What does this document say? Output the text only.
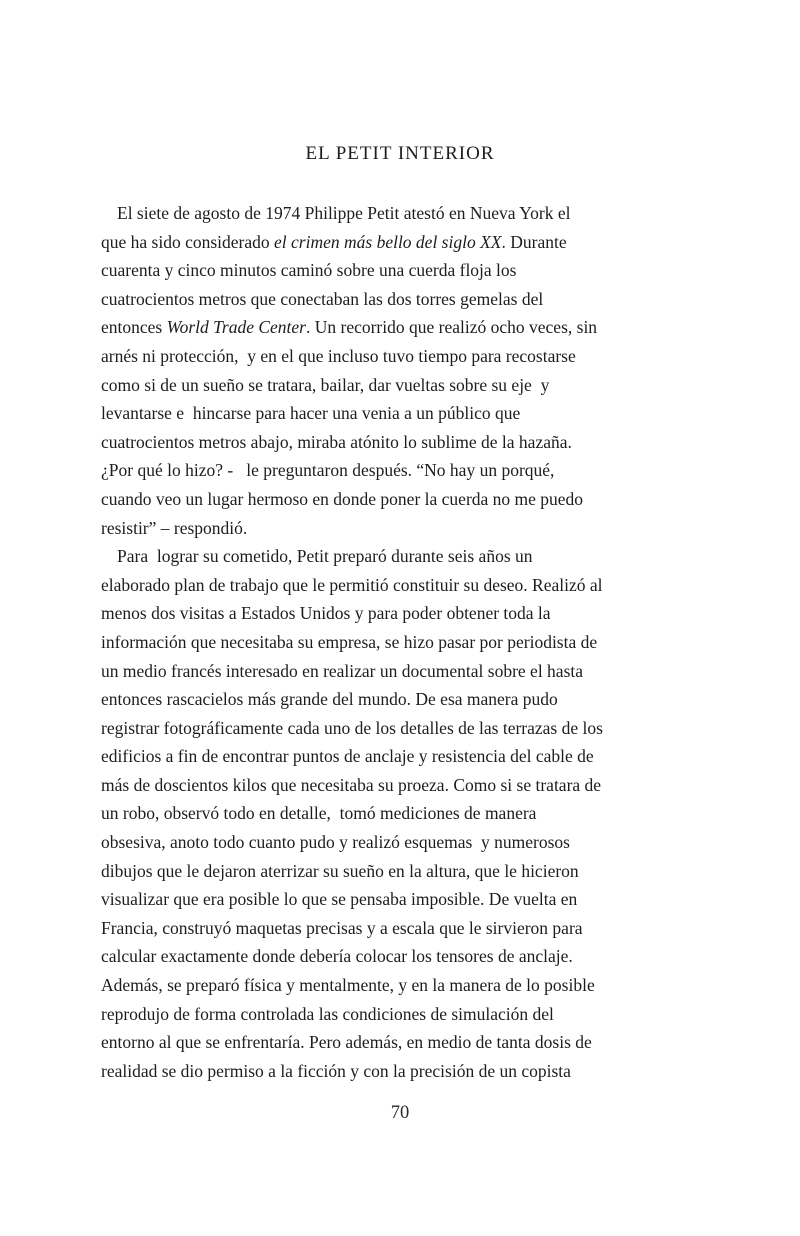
EL PETIT INTERIOR
El siete de agosto de 1974 Philippe Petit atestó en Nueva York el
que ha sido considerado el crimen más bello del siglo XX. Durante
cuarenta y cinco minutos caminó sobre una cuerda floja los
cuatrocientos metros que conectaban las dos torres gemelas del
entonces World Trade Center. Un recorrido que realizó ocho veces, sin
arnés ni protección,  y en el que incluso tuvo tiempo para recostarse
como si de un sueño se tratara, bailar, dar vueltas sobre su eje  y
levantarse e  hincarse para hacer una venia a un público que
cuatrocientos metros abajo, miraba atónito lo sublime de la hazaña.
¿Por qué lo hizo? -   le preguntaron después. “No hay un porqué,
cuando veo un lugar hermoso en donde poner la cuerda no me puedo
resistir” – respondió.
Para  lograr su cometido, Petit preparó durante seis años un
elaborado plan de trabajo que le permitió constituir su deseo. Realizó al
menos dos visitas a Estados Unidos y para poder obtener toda la
información que necesitaba su empresa, se hizo pasar por periodista de
un medio francés interesado en realizar un documental sobre el hasta
entonces rascacielos más grande del mundo. De esa manera pudo
registrar fotográficamente cada uno de los detalles de las terrazas de los
edificios a fin de encontrar puntos de anclaje y resistencia del cable de
más de doscientos kilos que necesitaba su proeza. Como si se tratara de
un robo, observó todo en detalle,  tomó mediciones de manera
obsesiva, anoto todo cuanto pudo y realizó esquemas  y numerosos
dibujos que le dejaron aterrizar su sueño en la altura, que le hicieron
visualizar que era posible lo que se pensaba imposible. De vuelta en
Francia, construyó maquetas precisas y a escala que le sirvieron para
calcular exactamente donde debería colocar los tensores de anclaje.
Además, se preparó física y mentalmente, y en la manera de lo posible
reprodujo de forma controlada las condiciones de simulación del
entorno al que se enfrentaría. Pero además, en medio de tanta dosis de
realidad se dio permiso a la ficción y con la precisión de un copista
70
